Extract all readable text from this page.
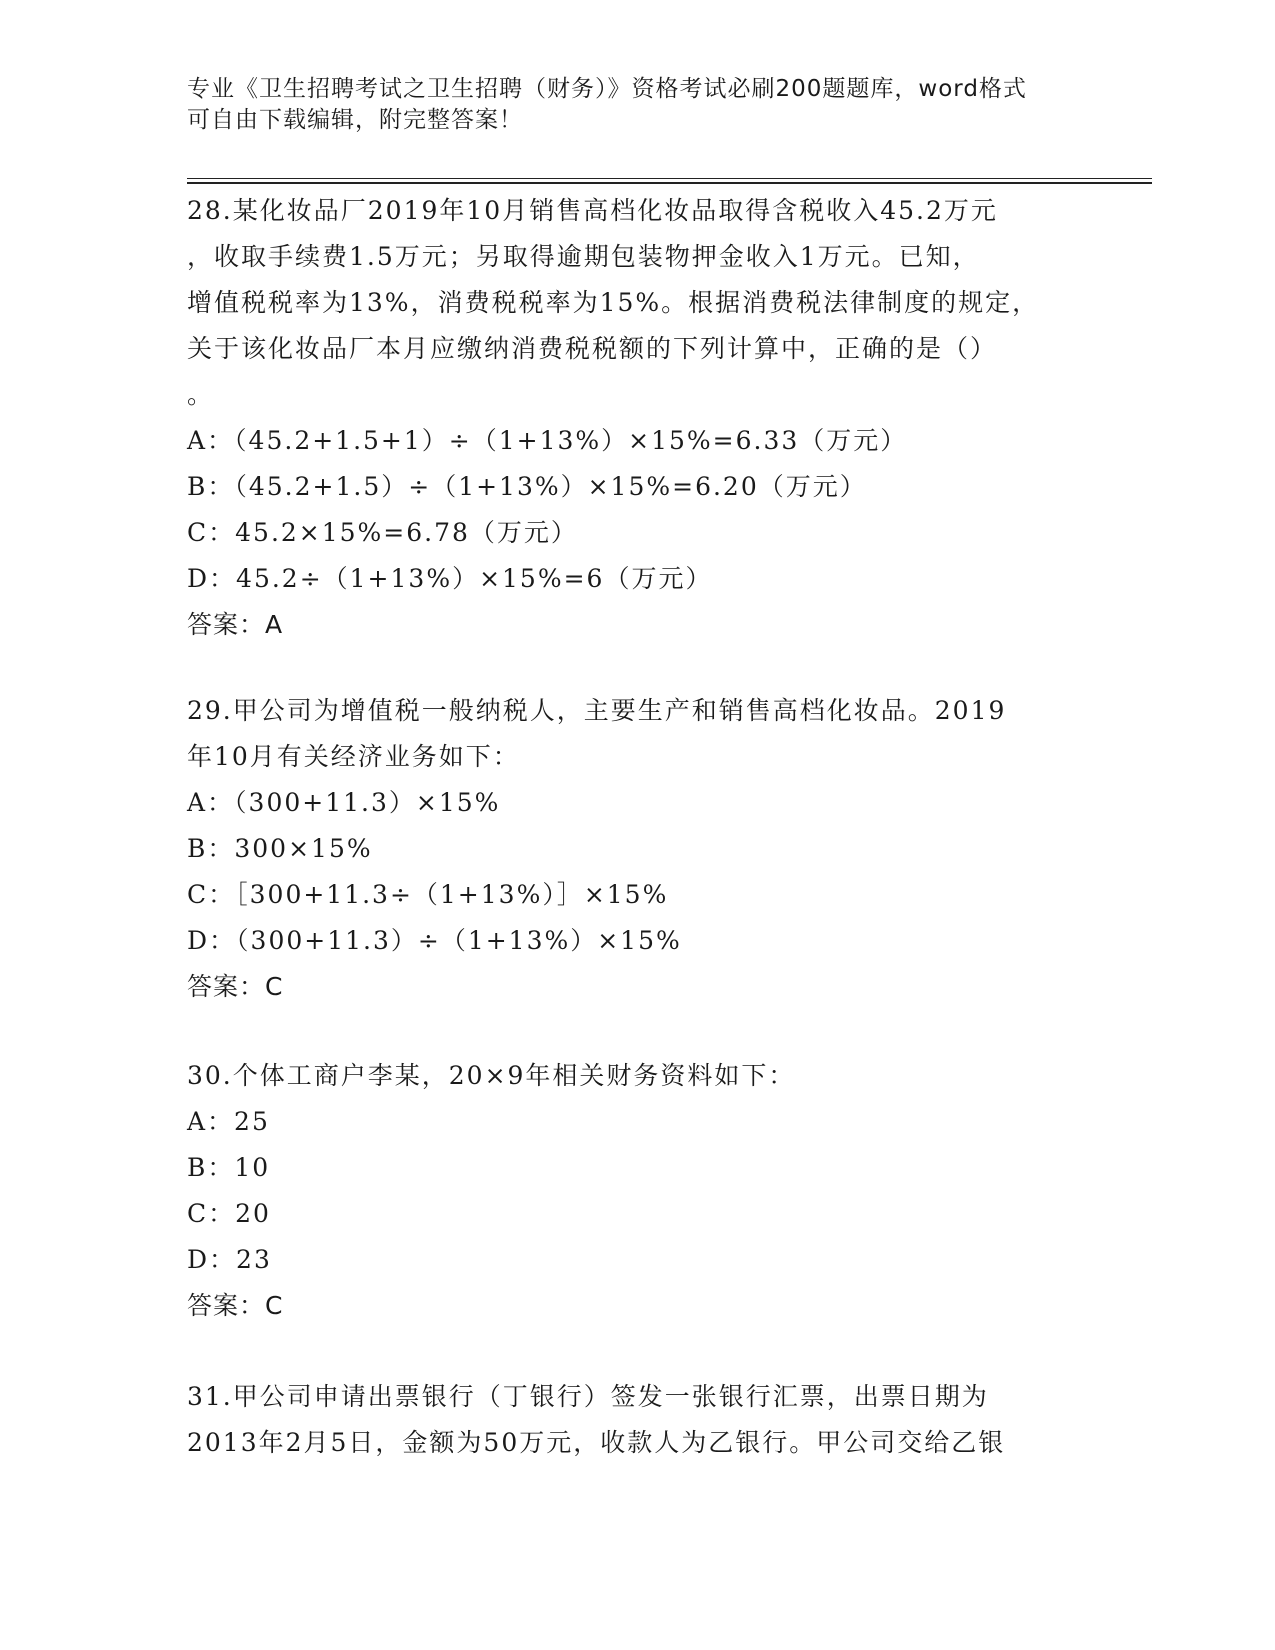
专业《卫生招聘考试之卫生招聘（财务）》资格考试必刷200题题库，word格式
可自由下载编辑，附完整答案！
28.某化妆品厂2019年10月销售高档化妆品取得含税收入45.2万元
，收取手续费1.5万元；另取得逾期包装物押金收入1万元。已知，
增值税税率为13%，消费税税率为15%。根据消费税法律制度的规定，
关于该化妆品厂本月应缴纳消费税税额的下列计算中，正确的是（）
。
A：（45.2+1.5+1）÷（1+13%）×15%=6.33（万元）
B：（45.2+1.5）÷（1+13%）×15%=6.20（万元）
C：45.2×15%=6.78（万元）
D：45.2÷（1+13%）×15%=6（万元）
答案：A
29.甲公司为增值税一般纳税人，主要生产和销售高档化妆品。2019
年10月有关经济业务如下：
A：（300+11.3）×15%
B：300×15%
C：［300+11.3÷（1+13%）］×15%
D：（300+11.3）÷（1+13%）×15%
答案：C
30.个体工商户李某，20×9年相关财务资料如下：
A：25
B：10
C：20
D：23
答案：C
31.甲公司申请出票银行（丁银行）签发一张银行汇票，出票日期为
2013年2月5日，金额为50万元，收款人为乙银行。甲公司交给乙银
